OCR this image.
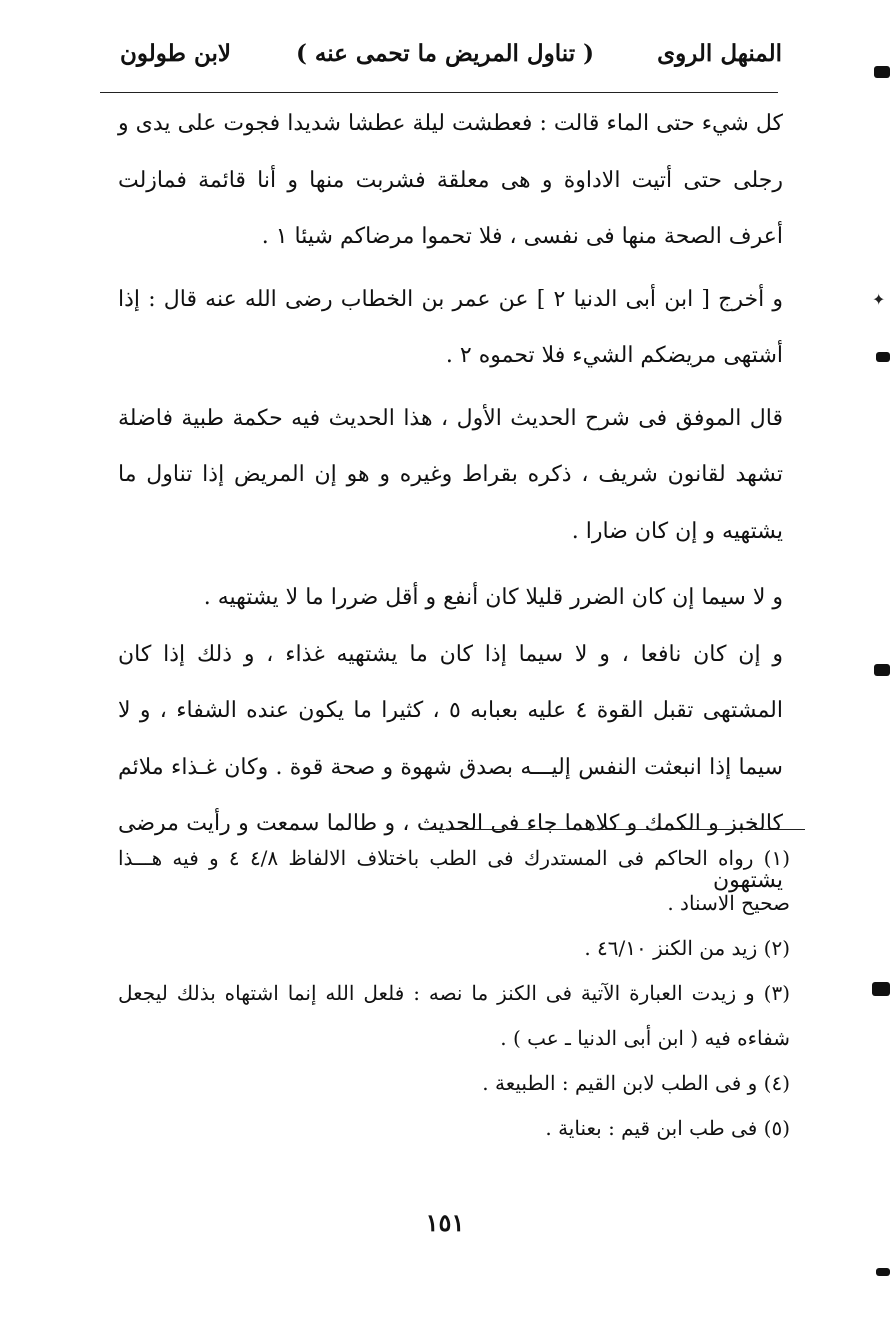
المنهل الروى
( تناول المريض ما تحمى عنه )
لابن طولون

كل شيء حتى الماء قالت : فعطشت ليلة عطشا شديدا فجوت على يدى و رجلى حتى أتيت الاداوة و هى معلقة فشربت منها و أنا قائمة فمازلت أعرف الصحة منها فى نفسى ، فلا تحموا مرضاكم شيئا ١ .

و أخرج [ ابن أبى الدنيا ٢ ] عن عمر بن الخطاب رضى الله عنه قال : إذا أشتهى مريضكم الشيء فلا تحموه ٢ .

قال الموفق فى شرح الحديث الأول ، هذا الحديث فيه حكمة طبية فاضلة تشهد لقانون شريف ، ذكره بقراط وغيره و هو إن المريض إذا تناول ما يشتهيه و إن كان ضارا .

و لا سيما إن كان الضرر قليلا كان أنفع و أقل ضررا ما لا يشتهيه .

و إن كان نافعا ، و لا سيما إذا كان ما يشتهيه غذاء ، و ذلك إذا كان المشتهى تقبل القوة ٤ عليه بعبابه ٥ ، كثيرا ما يكون عنده الشفاء ، و لا سيما إذا انبعثت النفس إليـــه بصدق شهوة و صحة قوة . وكان غـذاء ملائم كالخبز و الكمك و كلاهما جاء فى الحديث ، و طالما سمعت و رأيت مرضى يشتهون

(١) رواه الحاكم فى المستدرك فى الطب باختلاف الالفاظ ٤/٨ ٤ و فيه هـــذا صحيح الاسناد .

(٢) زيد من الكنز ٤٦/١٠ .

(٣) و زيدت العبارة الآتية فى الكنز ما نصه : فلعل الله إنما اشتهاه بذلك ليجعل شفاءه فيه ( ابن أبى الدنيا ـ عب ) .

(٤) و فى الطب لابن القيم : الطبيعة .

(٥) فى طب ابن قيم : بعناية .

١٥١
✦
